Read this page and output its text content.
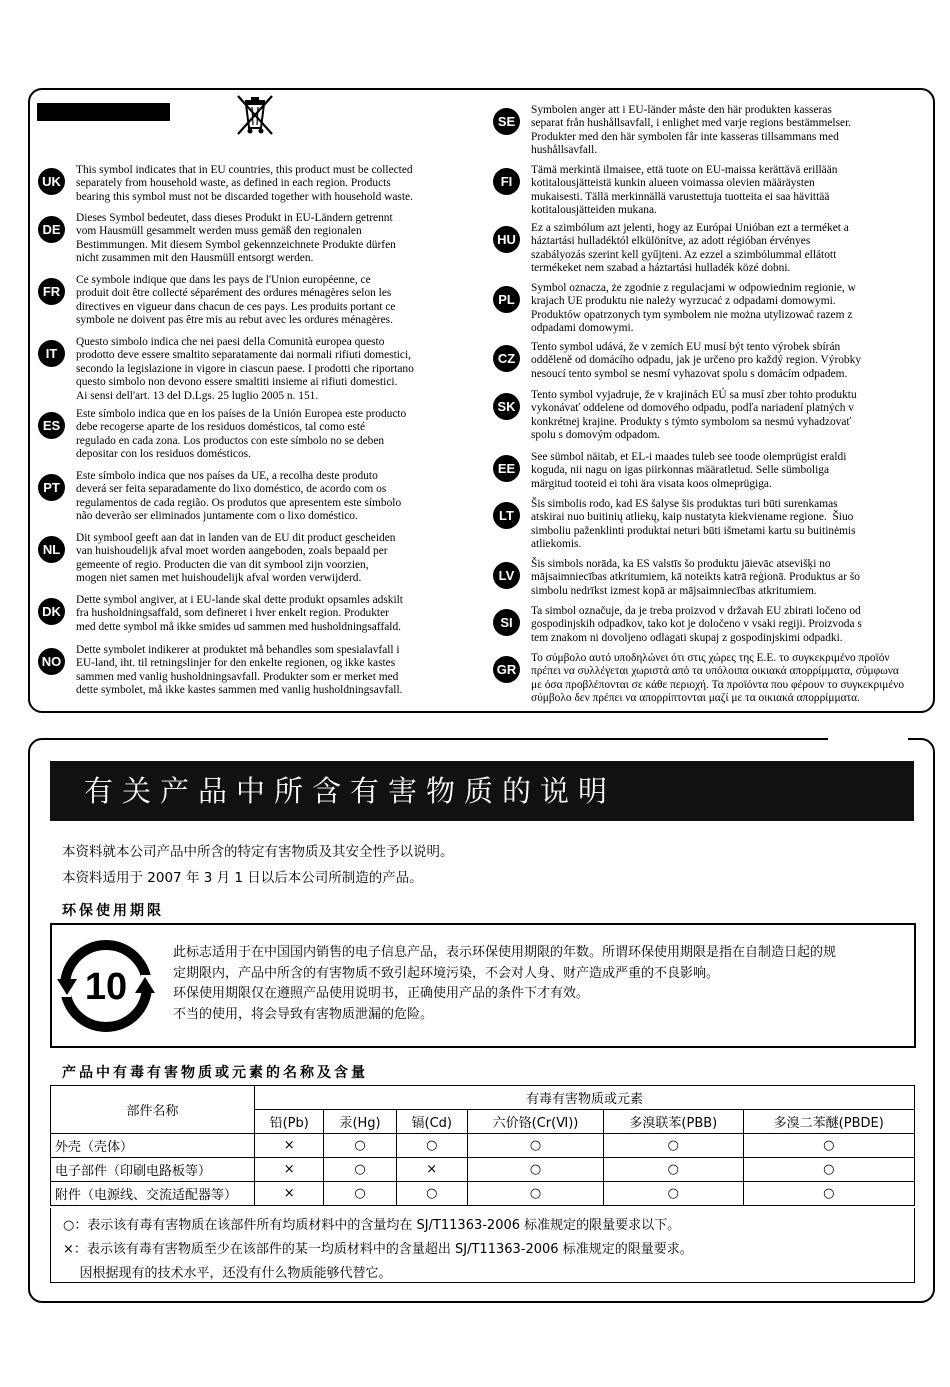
UK
This symbol indicates that in EU countries, this product must be collected
separately from household waste, as defined in each region. Products
bearing this symbol must not be discarded together with household waste.
DE
Dieses Symbol bedeutet, dass dieses Produkt in EU-Ländern getrennt
vom Hausmüll gesammelt werden muss gemäß den regionalen
Bestimmungen. Mit diesem Symbol gekennzeichnete Produkte dürfen
nicht zusammen mit den Hausmüll entsorgt werden.
FR
Ce symbole indique que dans les pays de l'Union européenne, ce
produit doit être collecté séparément des ordures ménagères selon les
directives en vigueur dans chacun de ces pays. Les produits portant ce
symbole ne doivent pas être mis au rebut avec les ordures ménagères.
IT
Questo simbolo indica che nei paesi della Comunità europea questo
prodotto deve essere smaltito separatamente dai normali rifiuti domestici,
secondo la legislazione in vigore in ciascun paese. I prodotti che riportano
questo simbolo non devono essere smaltiti insieme ai rifiuti domestici.
Ai sensi dell'art. 13 del D.Lgs. 25 luglio 2005 n. 151.
ES
Este símbolo indica que en los países de la Unión Europea este producto
debe recogerse aparte de los residuos domésticos, tal como esté
regulado en cada zona. Los productos con este símbolo no se deben
depositar con los residuos domésticos.
PT
Este símbolo indica que nos países da UE, a recolha deste produto
deverá ser feita separadamente do lixo doméstico, de acordo com os
regulamentos de cada região. Os produtos que apresentem este símbolo
não deverão ser eliminados juntamente com o lixo doméstico.
NL
Dit symbool geeft aan dat in landen van de EU dit product gescheiden
van huishoudelijk afval moet worden aangeboden, zoals bepaald per
gemeente of regio. Producten die van dit symbool zijn voorzien,
mogen niet samen met huishoudelijk afval worden verwijderd.
DK
Dette symbol angiver, at i EU-lande skal dette produkt opsamles adskilt
fra husholdningsaffald, som defineret i hver enkelt region. Produkter
med dette symbol må ikke smides ud sammen med husholdningsaffald.
NO
Dette symbolet indikerer at produktet må behandles som spesialavfall i
EU-land, iht. til retningslinjer for den enkelte regionen, og ikke kastes
sammen med vanlig husholdningsavfall. Produkter som er merket med
dette symbolet, må ikke kastes sammen med vanlig husholdningsavfall.
SE
Symbolen anger att i EU-länder måste den här produkten kasseras
separat från hushållsavfall, i enlighet med varje regions bestämmelser.
Produkter med den här symbolen får inte kasseras tillsammans med
hushållsavfall.
FI
Tämä merkintä ilmaisee, että tuote on EU-maissa kerättävä erillään
kotitalousjätteistä kunkin alueen voimassa olevien määräysten
mukaisesti. Tällä merkinnällä varustettuja tuotteita ei saa hävittää
kotitalousjätteiden mukana.
HU
Ez a szimbólum azt jelenti, hogy az Európai Unióban ezt a terméket a
háztartási hulladéktól elkülönítve, az adott régióban érvényes
szabályozás szerint kell gyűjteni. Az ezzel a szimbólummal ellátott
termékeket nem szabad a háztartási hulladék közé dobni.
PL
Symbol oznacza, że zgodnie z regulacjami w odpowiednim regionie, w
krajach UE produktu nie należy wyrzucać z odpadami domowymi.
Produktów opatrzonych tym symbolem nie można utylizować razem z
odpadami domowymi.
CZ
Tento symbol udává, že v zemích EU musí být tento výrobek sbírán
odděleně od domácího odpadu, jak je určeno pro každý region. Výrobky
nesoucí tento symbol se nesmí vyhazovat spolu s domácím odpadem.
SK
Tento symbol vyjadruje, že v krajinách EÚ sa musí zber tohto produktu
vykonávať oddelene od domového odpadu, podľa nariadení platných v
konkrétnej krajine. Produkty s týmto symbolom sa nesmú vyhadzovať
spolu s domovým odpadom.
EE
See sümbol näitab, et EL-i maades tuleb see toode olemprügist eraldi
koguda, nii nagu on igas piirkonnas määratletud. Selle sümboliga
märgitud tooteid ei tohi ära visata koos olmeprügiga.
LT
Šis simbolis rodo, kad ES šalyse šis produktas turi būti surenkamas
atskirai nuo buitinių atliekų, kaip nustatyta kiekviename regione.  Šiuo
simboliu paženklinti produktai neturi būti išmetami kartu su buitinėmis
atliekomis.
LV
Šis simbols norāda, ka ES valstīs šo produktu jāievāc atsevišķi no
mājsaimniecības atkritumiem, kā noteikts katrā reģionā. Produktus ar šo
simbolu nedrīkst izmest kopā ar mājsaimniecības atkritumiem.
SI
Ta simbol označuje, da je treba proizvod v državah EU zbirati ločeno od
gospodinjskih odpadkov, tako kot je določeno v vsaki regiji. Proizvoda s
tem znakom ni dovoljeno odlagati skupaj z gospodinjskimi odpadki.
GR
Το σύμβολο αυτό υποδηλώνει ότι στις χώρες της Ε.Ε. το συγκεκριμένο προϊόν
πρέπει να συλλέγεται χωριστά από τα υπόλοιπα οικιακά απορρίμματα, σύμφωνα
με όσα προβλέπονται σε κάθε περιοχή. Τα προϊόντα που φέρουν το συγκεκριμένο
σύμβολο δεν πρέπει να απορρίπτονται μαζί με τα οικιακά απορρίμματα.
有关产品中所含有害物质的说明
本资料就本公司产品中所含的特定有害物质及其安全性予以说明。
本资料适用于 2007 年 3 月 1 日以后本公司所制造的产品。
环保使用期限
10
此标志适用于在中国国内销售的电子信息产品，表示环保使用期限的年数。所谓环保使用期限是指在自制造日起的规
定期限内，产品中所含的有害物质不致引起环境污染，不会对人身、财产造成严重的不良影响。
环保使用期限仅在遵照产品使用说明书，正确使用产品的条件下才有效。
不当的使用，将会导致有害物质泄漏的危险。
产品中有毒有害物质或元素的名称及含量
部件名称	有毒有害物质或元素					
	铅(Pb)	汞(Hg)	镉(Cd)	六价铬(Cr(Ⅵ))	多溴联苯(PBB)	多溴二苯醚(PBDE)
外壳（壳体）	×	○	○	○	○	○
电子部件（印刷电路板等）	×	○	×	○	○	○
附件（电源线、交流适配器等）	×	○	○	○	○	○
○：表示该有毒有害物质在该部件所有均质材料中的含量均在 SJ/T11363-2006 标准规定的限量要求以下。
×：表示该有毒有害物质至少在该部件的某一均质材料中的含量超出 SJ/T11363-2006 标准规定的限量要求。
因根据现有的技术水平，还没有什么物质能够代替它。
